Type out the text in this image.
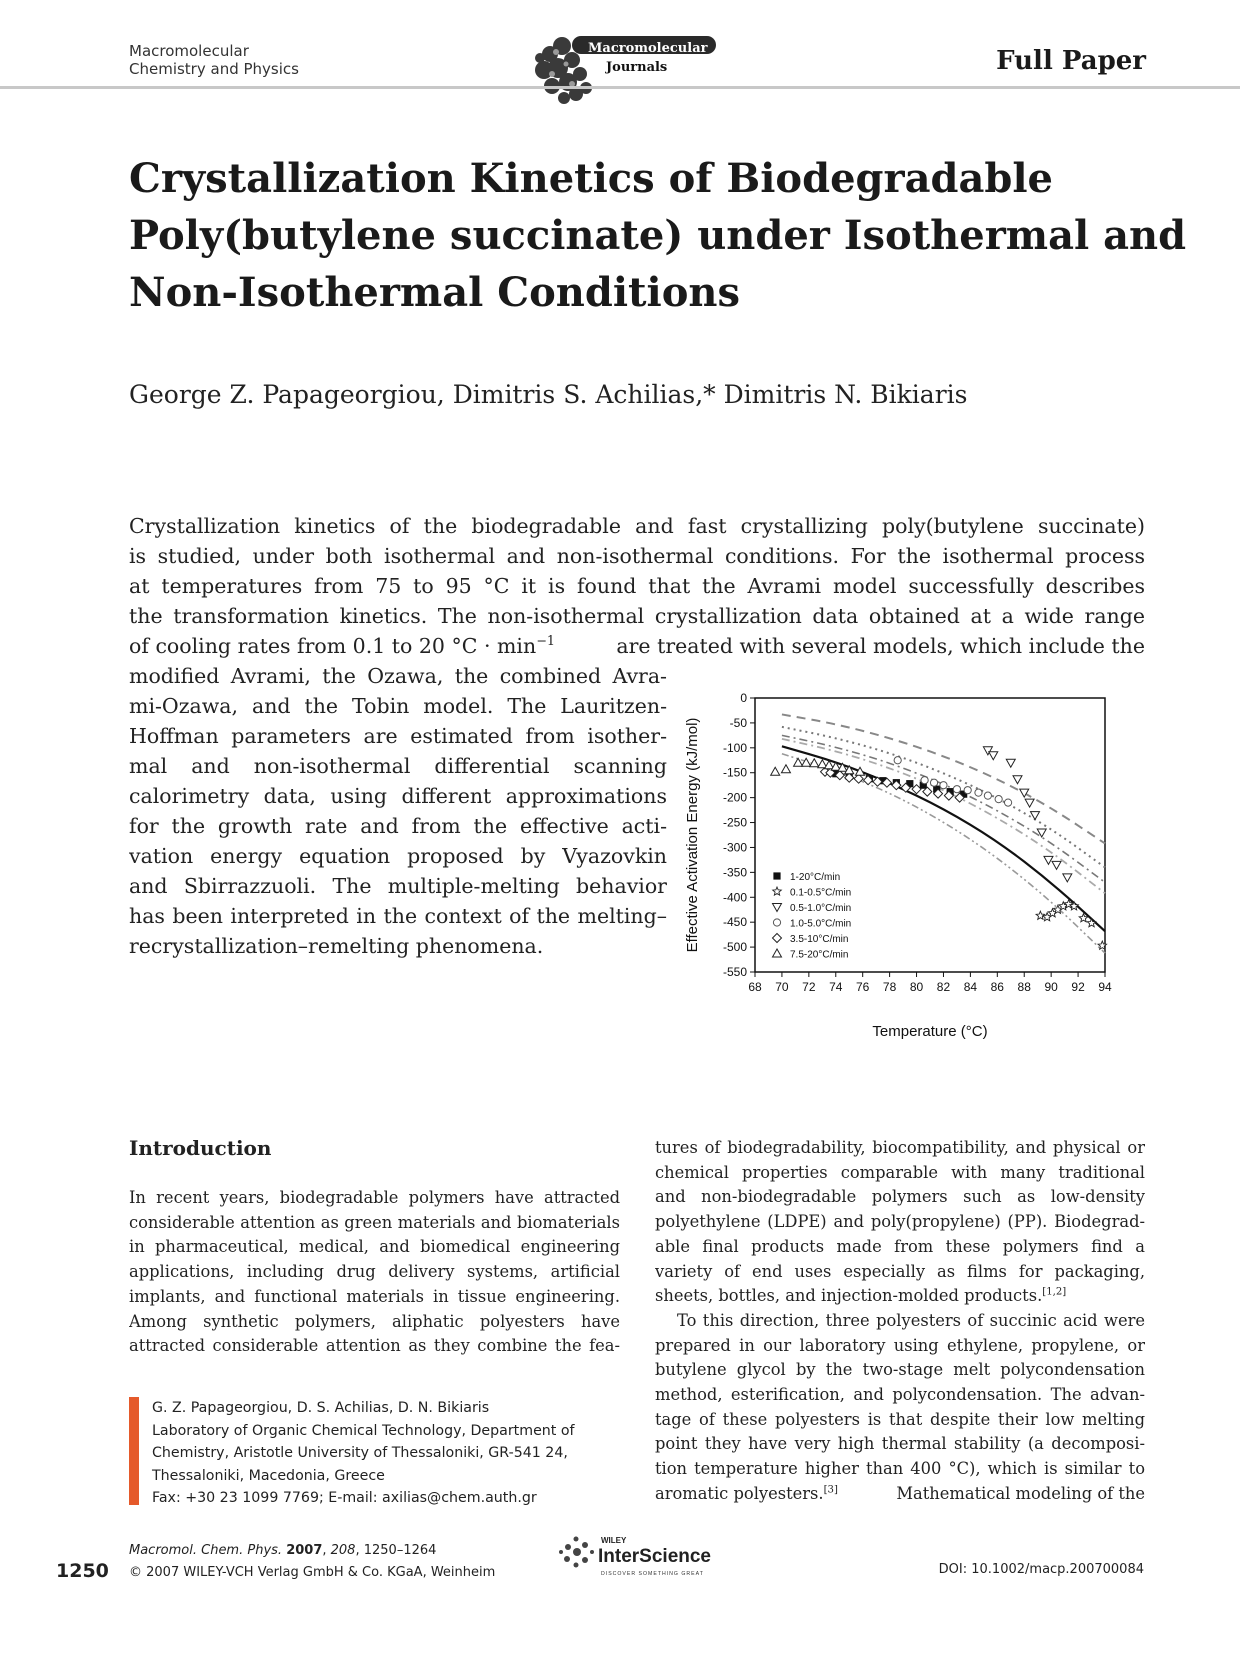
Macromolecular
Chemistry and Physics
Macromolecular
Journals	Full Paper
Crystallization Kinetics of Biodegradable
Poly(butylene succinate) under Isothermal and
Non-Isothermal Conditions
George Z. Papageorgiou, Dimitris S. Achilias,* Dimitris N. Bikiaris
Crystallization kinetics of the biodegradable and fast crystallizing poly(butylene succinate)
is studied, under both isothermal and non-isothermal conditions. For the isothermal process
at temperatures from 75 to 95 °C it is found that the Avrami model successfully describes
the transformation kinetics. The non-isothermal crystallization data obtained at a wide range
of cooling rates from 0.1 to 20 $^\circ C \cdot \min^{-1}$	are treated with several models, which include the
modified Avrami, the Ozawa, the combined Avra-
mi-Ozawa, and the Tobin model. The Lauritzen-
Hoffman parameters are estimated from isother-
mal and non-isothermal differential scanning
calorimetry data, using different approximations
for the growth rate and from the effective acti-
vation energy equation proposed by Vyazovkin
and Sbirrazzuoli. The multiple-melting behavior
has been interpreted in the context of the melting–
recrystallization–remelting phenomena.
68 70 72 74 76 78 80 82 84 86 88 90 92 94
0
-50
-100
-150
-200
-250
-300
-350
-400
-450
-500
-550
1-20°C/min
0.1-0.5°C/min
0.5-1.0°C/min
1.0-5.0°C/min
3.5-10°C/min
7.5-20°C/min
Temperature (°C)
Effective Activation Energy (kJ/mol)
Introduction
In recent years, biodegradable polymers have attracted
considerable attention as green materials and biomaterials
in pharmaceutical, medical, and biomedical engineering
applications, including drug delivery systems, artificial
implants, and functional materials in tissue engineering.
Among synthetic polymers, aliphatic polyesters have
attracted considerable attention as they combine the fea-
tures of biodegradability, biocompatibility, and physical or
chemical properties comparable with many traditional
and non-biodegradable polymers such as low-density
polyethylene (LDPE) and poly(propylene) (PP). Biodegrad-
able final products made from these polymers find a
variety of end uses especially as films for packaging,
sheets, bottles, and injection-molded products.[1,2]
To this direction, three polyesters of succinic acid were
prepared in our laboratory using ethylene, propylene, or
butylene glycol by the two-stage melt polycondensation
method, esterification, and polycondensation. The advan-
tage of these polyesters is that despite their low melting
point they have very high thermal stability (a decomposi-
tion temperature higher than 400 °C), which is similar to
aromatic polyesters.[3]	Mathematical modeling of the
G. Z. Papageorgiou, D. S. Achilias, D. N. Bikiaris
Laboratory of Organic Chemical Technology, Department of
Chemistry, Aristotle University of Thessaloniki, GR-541 24,
Thessaloniki, Macedonia, Greece
Fax: +30 23 1099 7769; E-mail: axilias@chem.auth.gr
1250
Macromol. Chem. Phys. 2007, 208, 1250–1264
© 2007 WILEY-VCH Verlag GmbH & Co. KGaA, Weinheim
WILEY
InterScience
DISCOVER SOMETHING GREAT	DOI: 10.1002/macp.200700084
